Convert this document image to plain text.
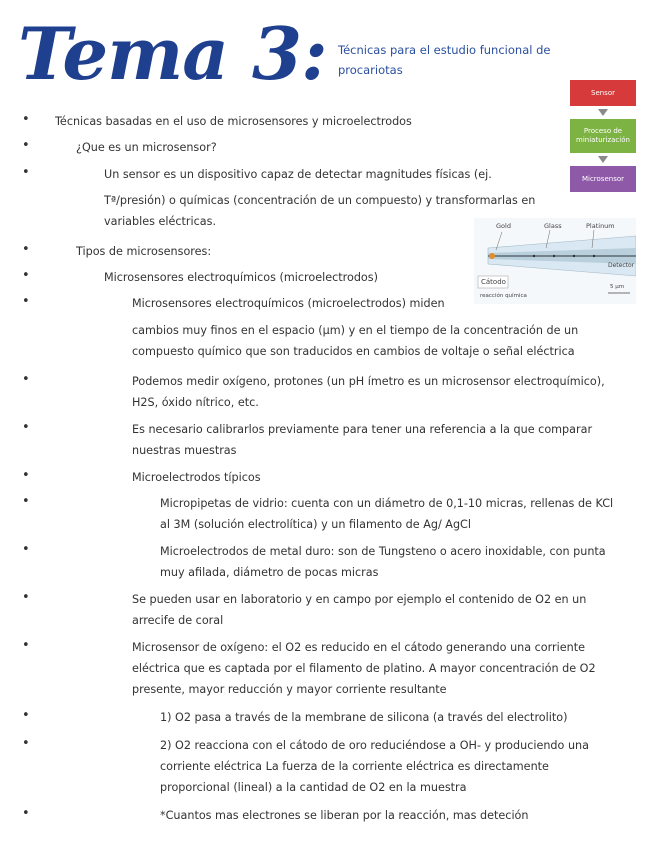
Tema 3: Técnicas para el estudio funcional de procariotas
Sensor
Proceso de miniaturización
Microsensor
Gold	Glass	Platinum
Cátodo
reacción química
Detector
5 µm
• Técnicas basadas en el uso de microsensores y microelectrodos
•	¿Que es un microsensor?
•	Un sensor es un dispositivo capaz de detectar magnitudes físicas (ej.
Tª/presión) o químicas (concentración de un compuesto) y transformarlas en variables eléctricas.
•	Tipos de microsensores:
•	Microsensores electroquímicos (microelectrodos)
•	Microsensores electroquímicos (microelectrodos) miden
cambios muy finos en el espacio (µm) y en el tiempo de la concentración de un compuesto químico que son traducidos en cambios de voltaje o señal eléctrica
•	Podemos medir oxígeno, protones (un pH ímetro es un microsensor electroquímico), H2S, óxido nítrico, etc.
•	Es necesario calibrarlos previamente para tener una referencia a la que comparar nuestras muestras
•	Microelectrodos típicos
•	Micropipetas de vidrio: cuenta con un diámetro de 0,1-10 micras, rellenas de KCl al 3M (solución electrolítica) y un filamento de Ag/ AgCl
•	Microelectrodos de metal duro: son de Tungsteno o acero inoxidable, con punta muy afilada, diámetro de pocas micras
•	Se pueden usar en laboratorio y en campo por ejemplo el contenido de O2 en un arrecife de coral
•	Microsensor de oxígeno: el O2 es reducido en el cátodo generando una corriente eléctrica que es captada por el filamento de platino. A mayor concentración de O2 presente, mayor reducción y mayor corriente resultante
•	1) O2 pasa a través de la membrane de silicona (a través del electrolito)
•	2) O2 reacciona con el cátodo de oro reduciéndose a OH- y produciendo una corriente eléctrica La fuerza de la corriente eléctrica es directamente proporcional (lineal) a la cantidad de O2 en la muestra
•	*Cuantos mas electrones se liberan por la reacción, mas deteción
